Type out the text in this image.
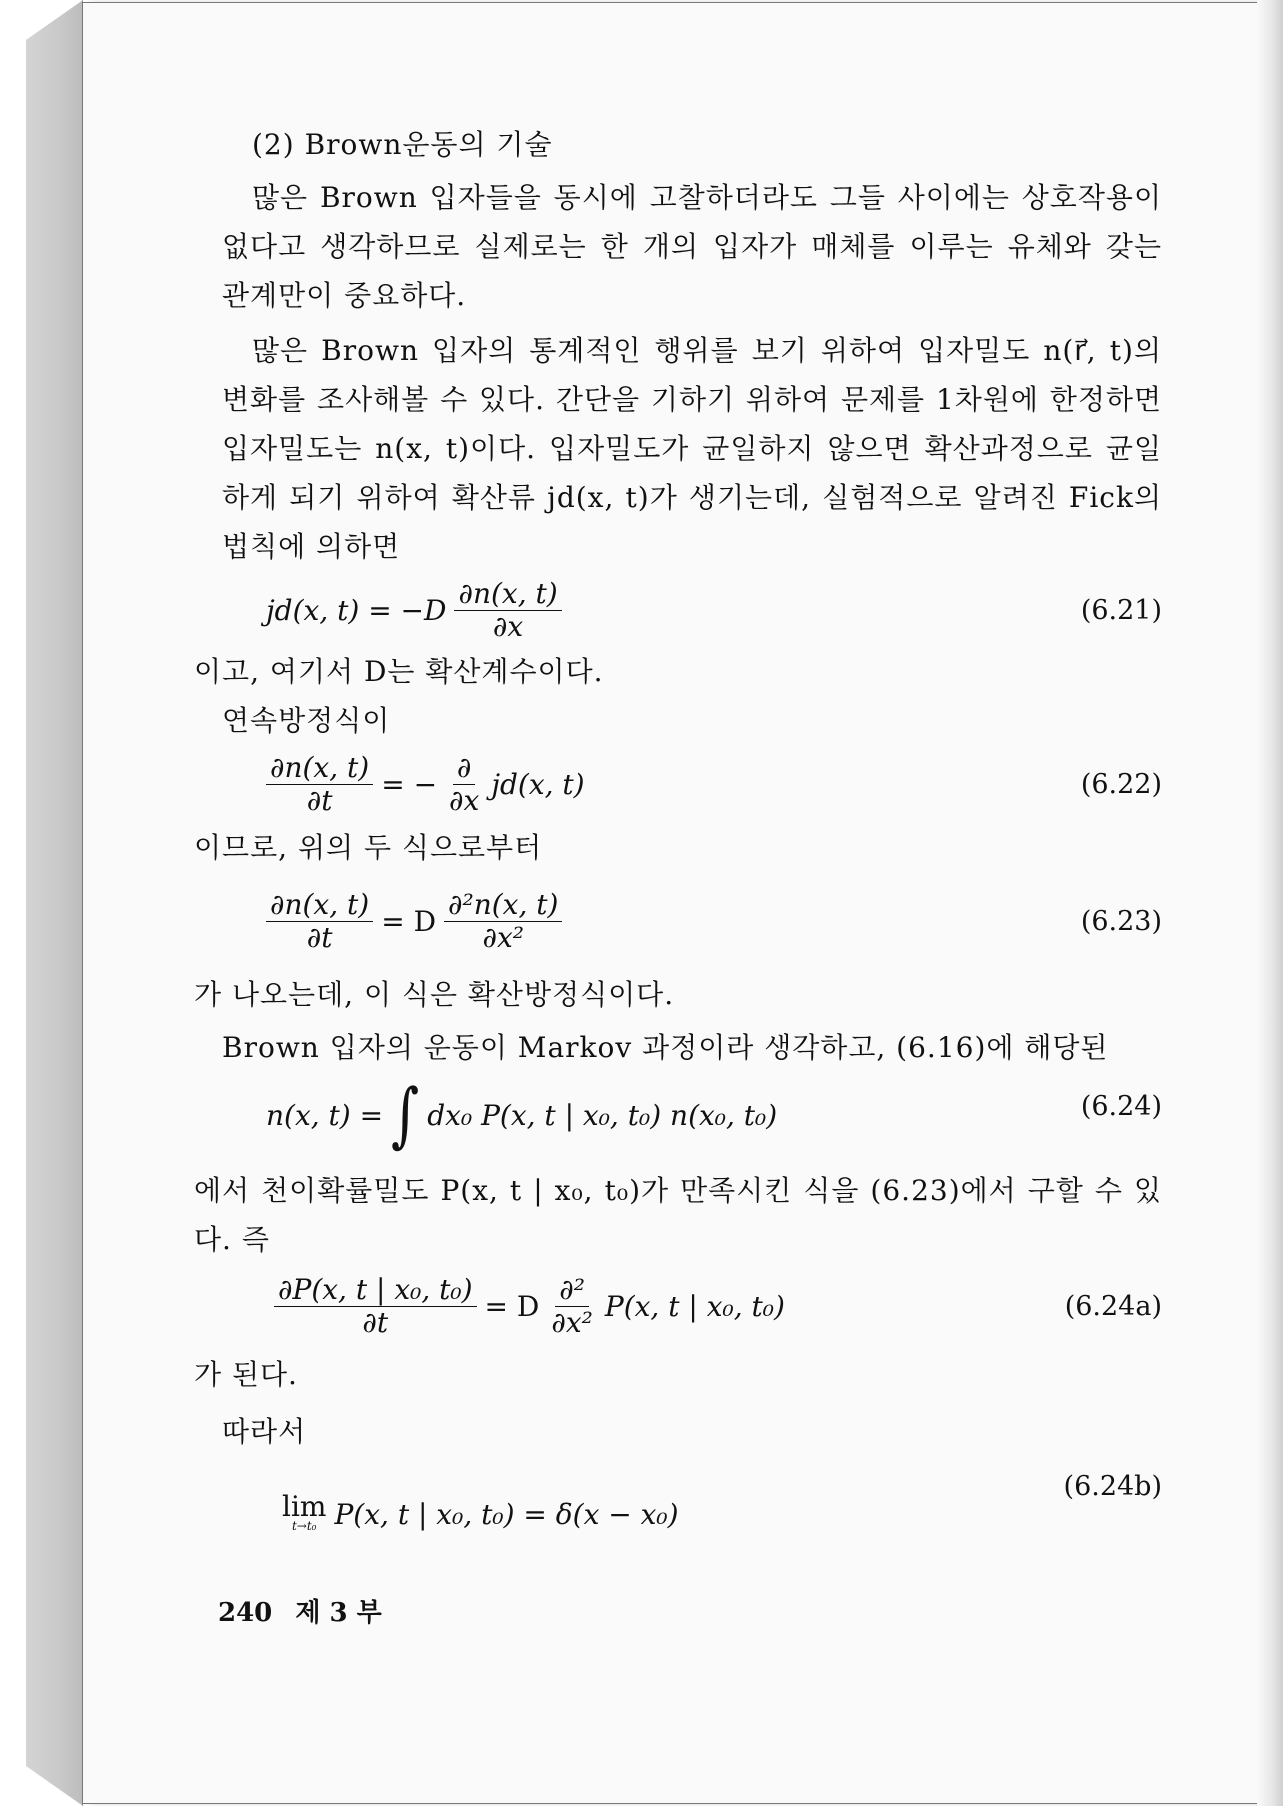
(2) Brown운동의 기술

많은 Brown 입자들을 동시에 고찰하더라도 그들 사이에는 상호작용이 없다고 생각하므로 실제로는 한 개의 입자가 매체를 이루는 유체와 갖는 관계만이 중요하다.

많은 Brown 입자의 통계적인 행위를 보기 위하여 입자밀도 n(r⃗, t)의 변화를 조사해볼 수 있다. 간단을 기하기 위하여 문제를 1차원에 한정하면 입자밀도는 n(x, t)이다. 입자밀도가 균일하지 않으면 확산과정으로 균일하게 되기 위하여 확산류 jd(x, t)가 생기는데, 실험적으로 알려진 Fick의 법칙에 의하면

jd(x, $t) = -D \frac{\partial n(x, t)}{\partial x}$	(6.21)

이고, 여기서 D는 확산계수이다.

연속방정식이

$\frac{\partial n(x, t)}{\partial t}$ = − $\frac{\partial}{\partial x} jd(x$, t)	(6.22)

이므로, 위의 두 식으로부터

$\frac{\partial n(x, t)}{\partial t} = D \frac{\text{∂²n(x, t)}}{\text{∂x²}}$	(6.23)

가 나오는데, 이 식은 확산방정식이다.

Brown 입자의 운동이 Markov 과정이라 생각하고, (6.16)에 해당된

n(x, t) = ∫ dx₀ P(x, t | x₀, t₀) n(x₀, t₀)	(6.24)

에서 천이확률밀도 P(x, t | x₀, t₀)가 만족시킨 식을 (6.23)에서 구할 수 있다. 즉

$\frac{\text{∂P(x, t | x₀, t₀)}}{\partial t} = D \frac{\text{∂²}}{\text{∂x²}} P(x$, t | x₀, t₀)	(6.24a)

가 된다.

따라서

lim
t→t₀ P(x, t | x₀, t₀) = δ(x − x₀)
(6.24b)
240 제 3 부
